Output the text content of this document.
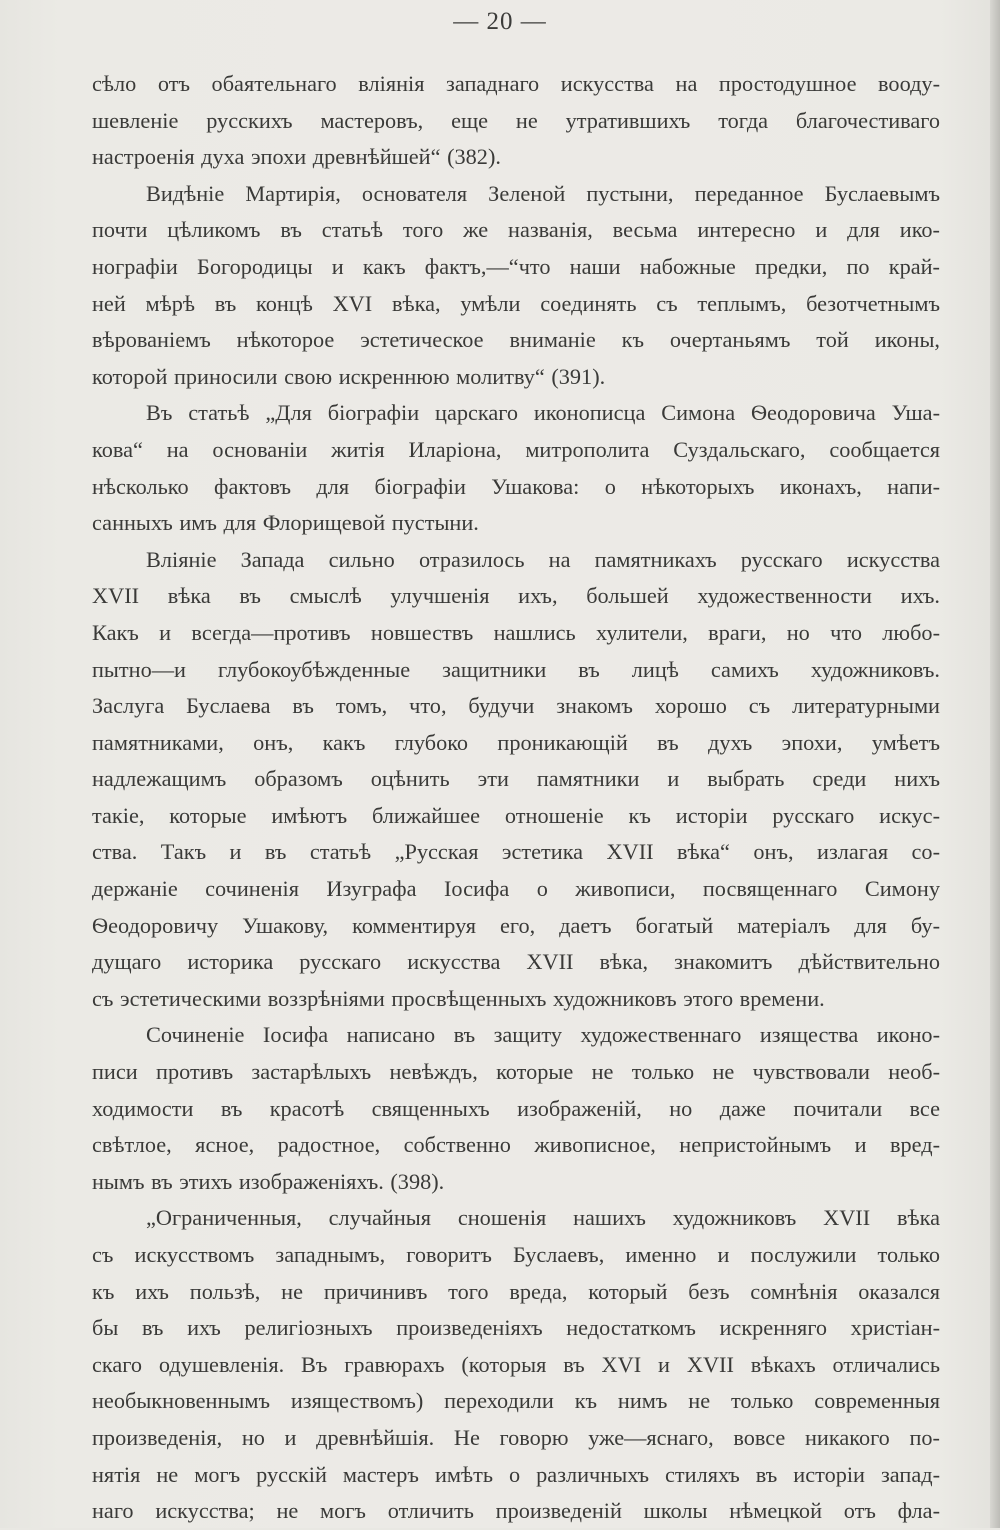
— 20 —
сѣло отъ обаятельнаго вліянія западнаго искусства на простодушное вооду-
шевленіе русскихъ мастеровъ, еще не утратившихъ тогда благочестиваго
настроенія духа эпохи древнѣйшей“ (382).
Видѣніе Мартирія, основателя Зеленой пустыни, переданное Буслаевымъ
почти цѣликомъ въ статьѣ того же названія, весьма интересно и для ико-
нографіи Богородицы и какъ фактъ,—“что наши набожные предки, по край-
ней мѣрѣ въ концѣ XVI вѣка, умѣли соединять съ теплымъ, безотчетнымъ
вѣрованіемъ нѣкоторое эстетическое вниманіе къ очертаньямъ той иконы,
которой приносили свою искреннюю молитву“ (391).
Въ статьѣ „Для біографіи царскаго иконописца Симона Ѳеодоровича Уша-
кова“ на основаніи житія Иларіона, митрополита Суздальскаго, сообщается
нѣсколько фактовъ для біографіи Ушакова: о нѣкоторыхъ иконахъ, напи-
санныхъ имъ для Флорищевой пустыни.
Вліяніе Запада сильно отразилось на памятникахъ русскаго искусства
XVII вѣка въ смыслѣ улучшенія ихъ, большей художественности ихъ.
Какъ и всегда—противъ новшествъ нашлись хулители, враги, но что любо-
пытно—и глубокоубѣжденные защитники въ лицѣ самихъ художниковъ.
Заслуга Буслаева въ томъ, что, будучи знакомъ хорошо съ литературными
памятниками, онъ, какъ глубоко проникающій въ духъ эпохи, умѣетъ
надлежащимъ образомъ оцѣнить эти памятники и выбрать среди нихъ
такіе, которые имѣютъ ближайшее отношеніе къ исторіи русскаго искус-
ства. Такъ и въ статьѣ „Русская эстетика XVII вѣка“ онъ, излагая со-
держаніе сочиненія Изуграфа Іосифа о живописи, посвященнаго Симону
Ѳеодоровичу Ушакову, комментируя его, даетъ богатый матеріалъ для бу-
дущаго историка русскаго искусства XVII вѣка, знакомитъ дѣйствительно
съ эстетическими воззрѣніями просвѣщенныхъ художниковъ этого времени.
Сочиненіе Іосифа написано въ защиту художественнаго изящества иконо-
писи противъ застарѣлыхъ невѣждъ, которые не только не чувствовали необ-
ходимости въ красотѣ священныхъ изображеній, но даже почитали все
свѣтлое, ясное, радостное, собственно живописное, непристойнымъ и вред-
нымъ въ этихъ изображеніяхъ. (398).
„Ограниченныя, случайныя сношенія нашихъ художниковъ XVII вѣка
съ искусствомъ западнымъ, говоритъ Буслаевъ, именно и послужили только
къ ихъ пользѣ, не причинивъ того вреда, который безъ сомнѣнія оказался
бы въ ихъ религіозныхъ произведеніяхъ недостаткомъ искренняго христіан-
скаго одушевленія. Въ гравюрахъ (которыя въ XVI и XVII вѣкахъ отличались
необыкновеннымъ изяществомъ) переходили къ нимъ не только современныя
произведенія, но и древнѣйшія. Не говорю уже—яснаго, вовсе никакого по-
нятія не могъ русскій мастеръ имѣть о различныхъ стиляхъ въ исторіи запад-
наго искусства; не могъ отличить произведеній школы нѣмецкой отъ фла-
